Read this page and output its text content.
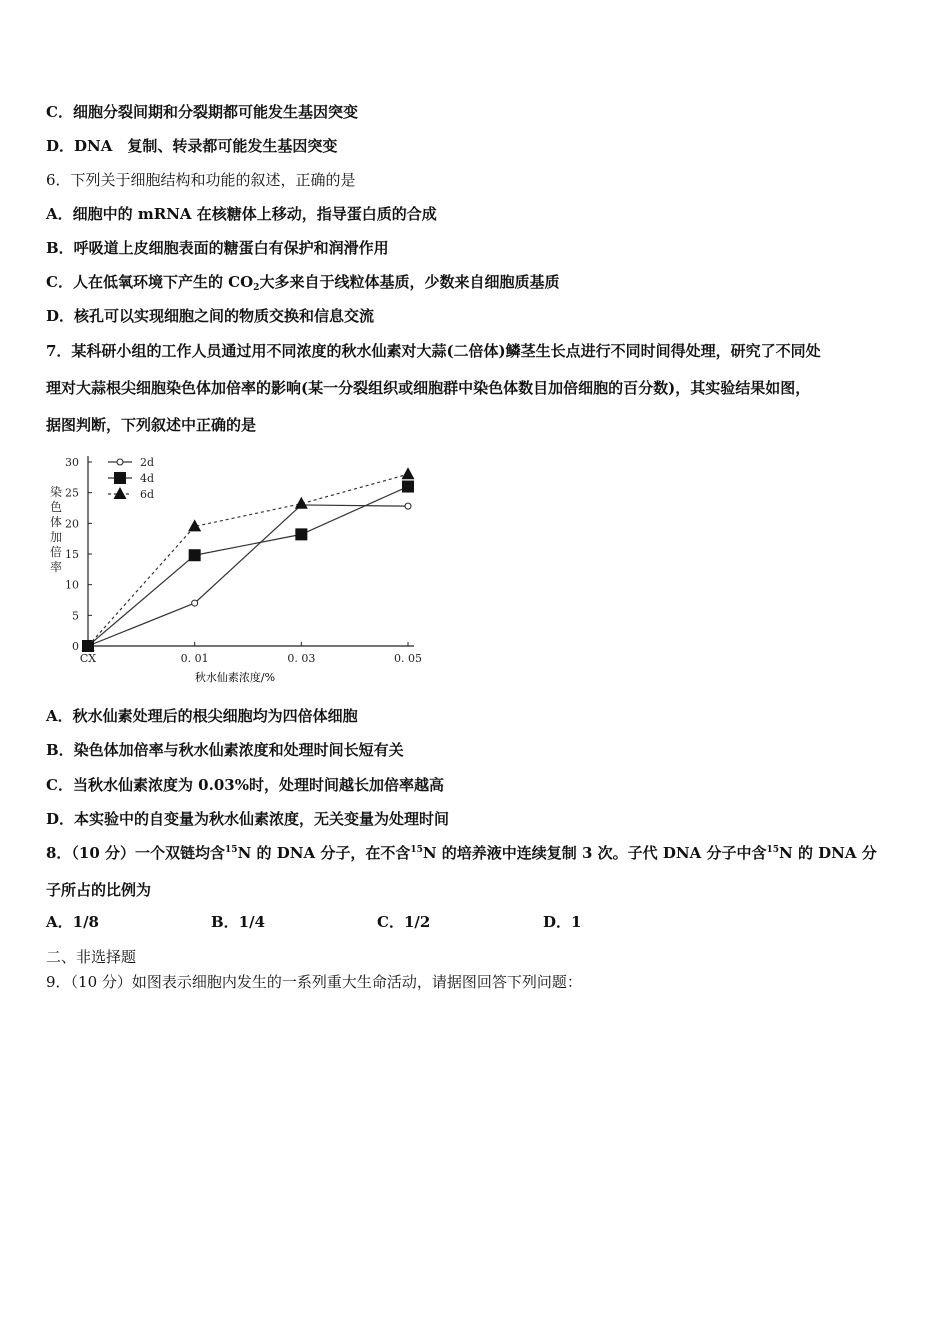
C．细胞分裂间期和分裂期都可能发生基因突变
D．DNA　复制、转录都可能发生基因突变
6．下列关于细胞结构和功能的叙述，正确的是
A．细胞中的 mRNA 在核糖体上移动，指导蛋白质的合成
B．呼吸道上皮细胞表面的糖蛋白有保护和润滑作用
C．人在低氧环境下产生的 $CO_2$大多来自于线粒体基质，少数来自细胞质基质
D．核孔可以实现细胞之间的物质交换和信息交流
7．某科研小组的工作人员通过用不同浓度的秋水仙素对大蒜(二倍体)鳞茎生长点进行不同时间得处理，研究了不同处
理对大蒜根尖细胞染色体加倍率的影响(某一分裂组织或细胞群中染色体数目加倍细胞的百分数)，其实验结果如图，
据图判断，下列叙述中正确的是
0
5
10
15
20
25
30
CX	0. 01	0. 03	0. 05
染
色
体
加
倍
率
秋水仙素浓度/%
2d
4d
6d
A．秋水仙素处理后的根尖细胞均为四倍体细胞
B．染色体加倍率与秋水仙素浓度和处理时间长短有关
C．当秋水仙素浓度为 0.03%时，处理时间越长加倍率越高
D．本实验中的自变量为秋水仙素浓度，无关变量为处理时间
8．（10 分）一个双链均含$^{15}$N 的 DNA 分子，在不含$^{15}$N 的培养液中连续复制 3 次。子代 DNA 分子中含$^{15}$N 的 DNA 分
子所占的比例为
A．1/8	B．1/4	C．1/2	D．1
二、非选择题
9．（10 分）如图表示细胞内发生的一系列重大生命活动，请据图回答下列问题：
